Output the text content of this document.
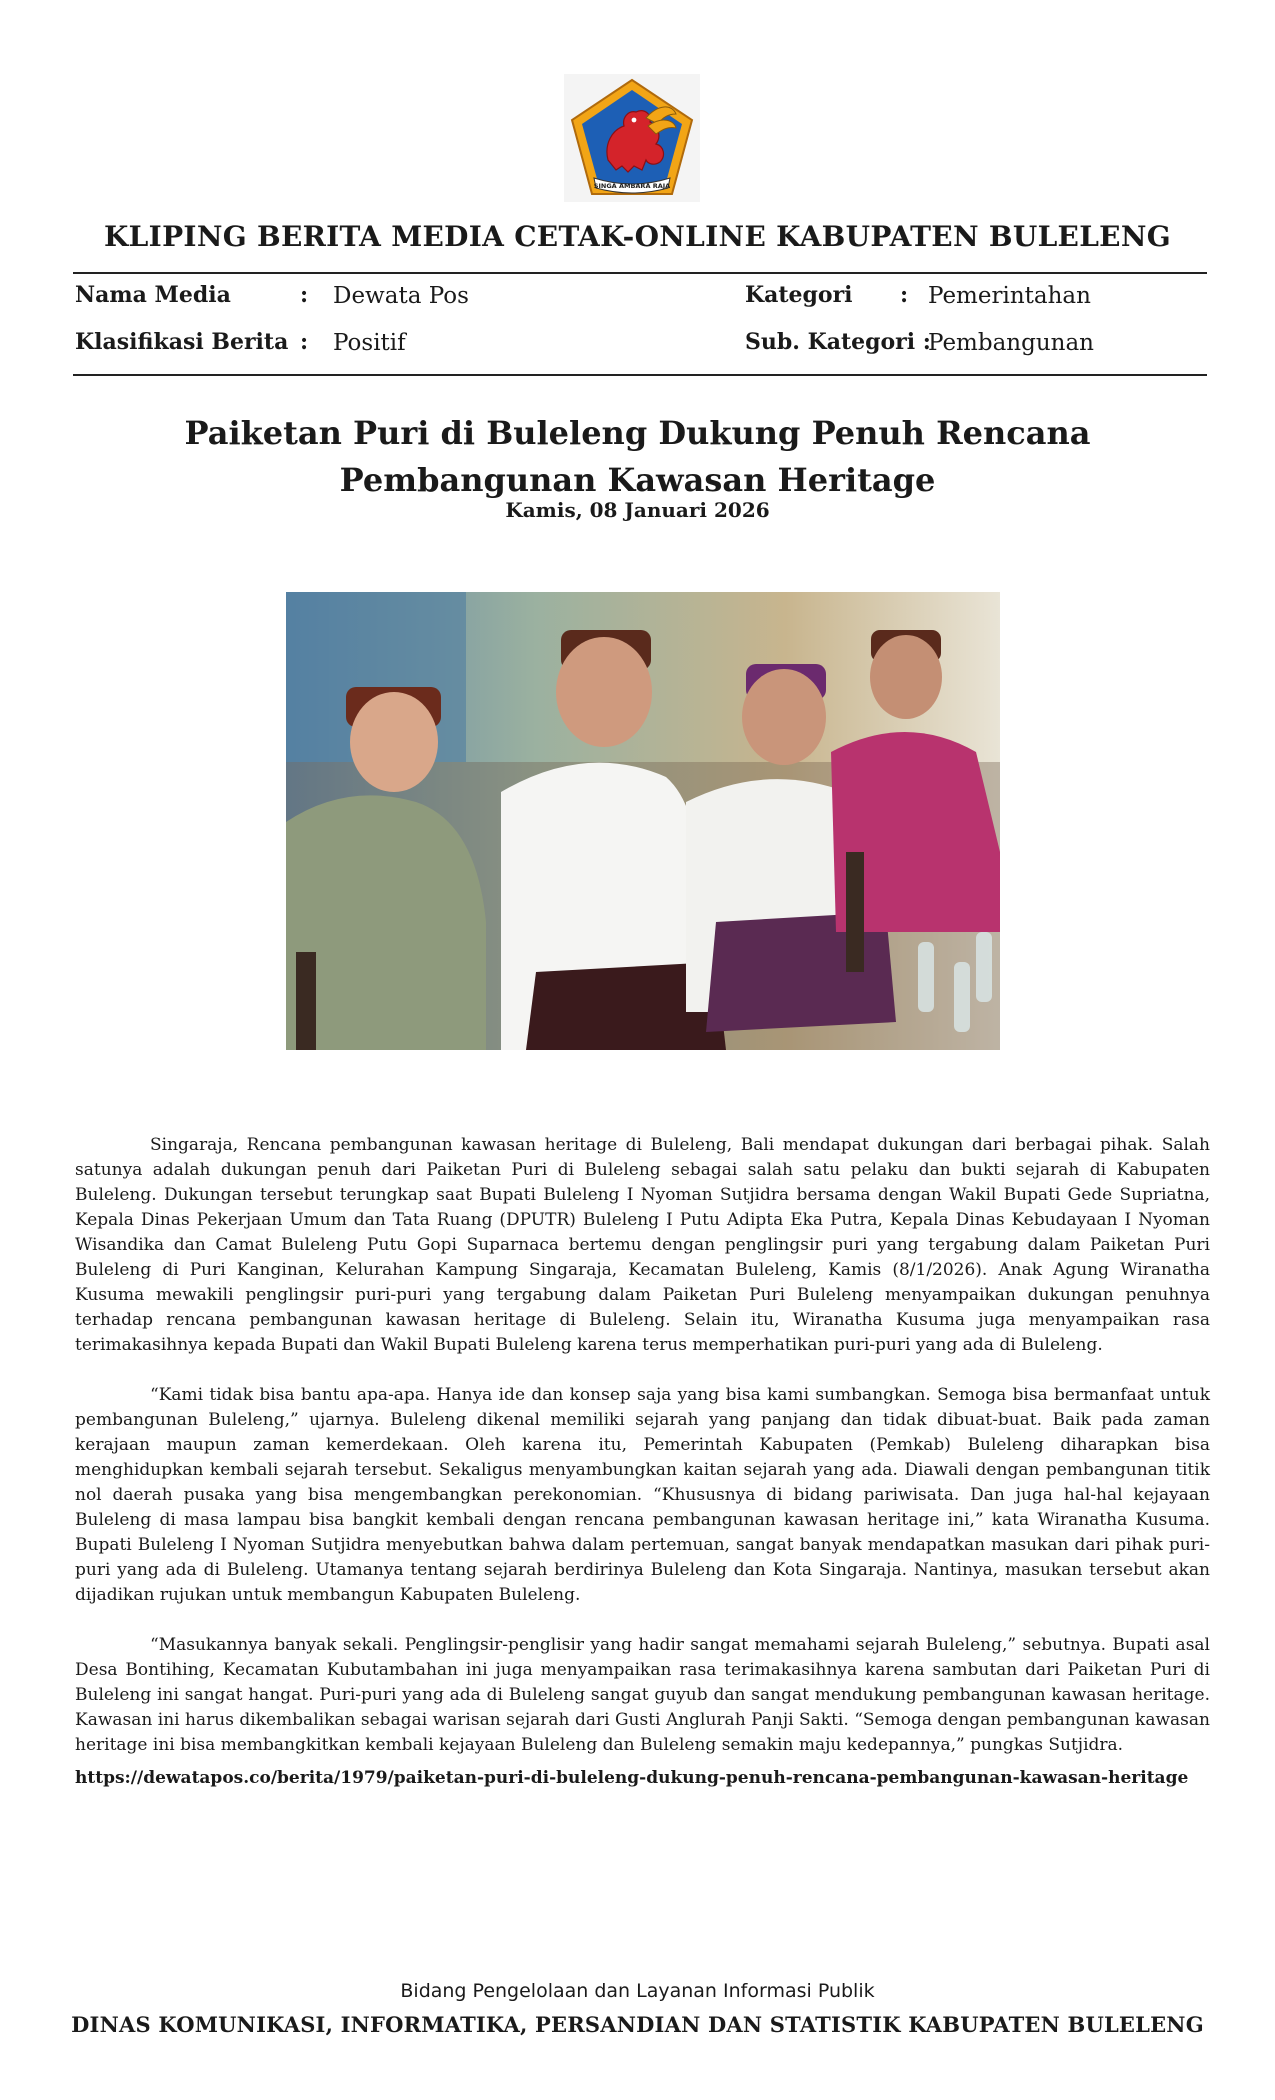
SINGA AMBARA RAJA
KLIPING BERITA MEDIA CETAK-ONLINE KABUPATEN BULELENG
Nama Media	: Dewata Pos	Kategori : Pemerintahan
Klasifikasi Berita : Positif	Sub. Kategori :
Pembangunan
Paiketan Puri di Buleleng Dukung Penuh Rencana Pembangunan Kawasan Heritage
Kamis, 08 Januari 2026

Singaraja, Rencana pembangunan kawasan heritage di Buleleng, Bali mendapat dukungan dari berbagai pihak. Salah satunya adalah dukungan penuh dari Paiketan Puri di Buleleng sebagai salah satu pelaku dan bukti sejarah di Kabupaten Buleleng. Dukungan tersebut terungkap saat Bupati Buleleng I Nyoman Sutjidra bersama dengan Wakil Bupati Gede Supriatna, Kepala Dinas Pekerjaan Umum dan Tata Ruang (DPUTR) Buleleng I Putu Adipta Eka Putra, Kepala Dinas Kebudayaan I Nyoman Wisandika dan Camat Buleleng Putu Gopi Suparnaca bertemu dengan penglingsir puri yang tergabung dalam Paiketan Puri Buleleng di Puri Kanginan, Kelurahan Kampung Singaraja, Kecamatan Buleleng, Kamis (8/1/2026). Anak Agung Wiranatha Kusuma mewakili penglingsir puri-puri yang tergabung dalam Paiketan Puri Buleleng menyampaikan dukungan penuhnya terhadap rencana pembangunan kawasan heritage di Buleleng. Selain itu, Wiranatha Kusuma juga menyampaikan rasa terimakasihnya kepada Bupati dan Wakil Bupati Buleleng karena terus memperhatikan puri-puri yang ada di Buleleng.

“Kami tidak bisa bantu apa-apa. Hanya ide dan konsep saja yang bisa kami sumbangkan. Semoga bisa bermanfaat untuk pembangunan Buleleng,” ujarnya. Buleleng dikenal memiliki sejarah yang panjang dan tidak dibuat-buat. Baik pada zaman kerajaan maupun zaman kemerdekaan. Oleh karena itu, Pemerintah Kabupaten (Pemkab) Buleleng diharapkan bisa menghidupkan kembali sejarah tersebut. Sekaligus menyambungkan kaitan sejarah yang ada. Diawali dengan pembangunan titik nol daerah pusaka yang bisa mengembangkan perekonomian. “Khususnya di bidang pariwisata. Dan juga hal-hal kejayaan Buleleng di masa lampau bisa bangkit kembali dengan rencana pembangunan kawasan heritage ini,” kata Wiranatha Kusuma. Bupati Buleleng I Nyoman Sutjidra menyebutkan bahwa dalam pertemuan, sangat banyak mendapatkan masukan dari pihak puri-puri yang ada di Buleleng. Utamanya tentang sejarah berdirinya Buleleng dan Kota Singaraja. Nantinya, masukan tersebut akan dijadikan rujukan untuk membangun Kabupaten Buleleng.

“Masukannya banyak sekali. Penglingsir-penglisir yang hadir sangat memahami sejarah Buleleng,” sebutnya. Bupati asal Desa Bontihing, Kecamatan Kubutambahan ini juga menyampaikan rasa terimakasihnya karena sambutan dari Paiketan Puri di Buleleng ini sangat hangat. Puri-puri yang ada di Buleleng sangat guyub dan sangat mendukung pembangunan kawasan heritage. Kawasan ini harus dikembalikan sebagai warisan sejarah dari Gusti Anglurah Panji Sakti. “Semoga dengan pembangunan kawasan heritage ini bisa membangkitkan kembali kejayaan Buleleng dan Buleleng semakin maju kedepannya,” pungkas Sutjidra.

https://dewatapos.co/berita/1979/paiketan-puri-di-buleleng-dukung-penuh-rencana-pembangunan-kawasan-heritage
Bidang Pengelolaan dan Layanan Informasi Publik
DINAS KOMUNIKASI, INFORMATIKA, PERSANDIAN DAN STATISTIK KABUPATEN BULELENG
